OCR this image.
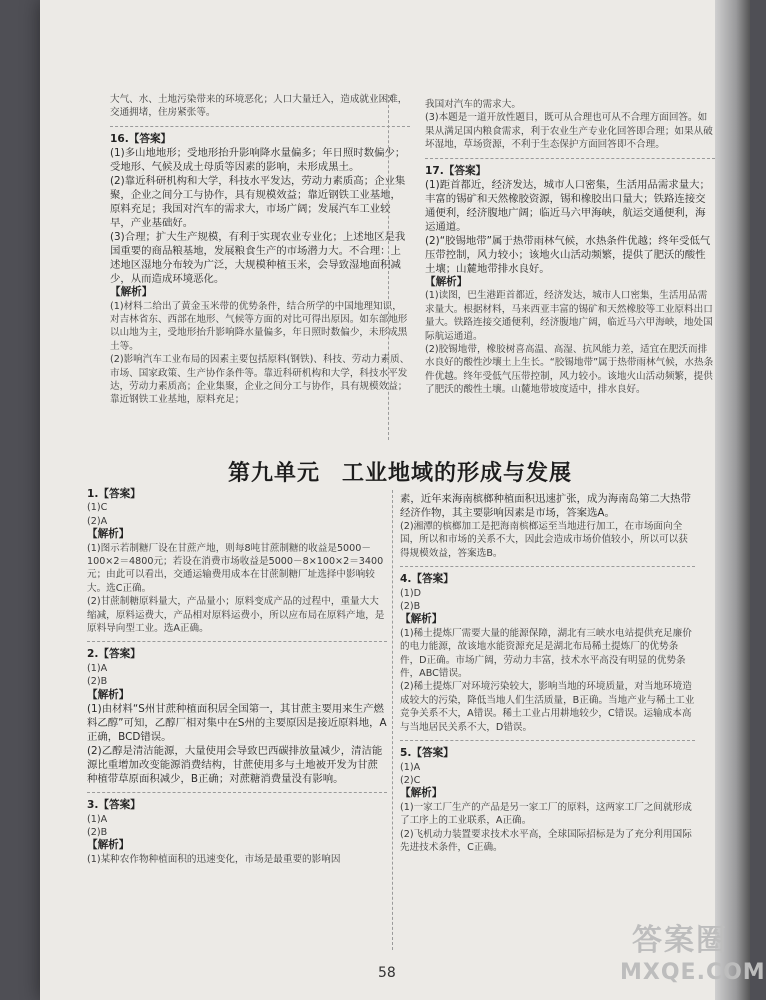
大气、水、土地污染带来的环境恶化；人口大量迁入，造成就业困难，交通拥堵，住房紧张等。

16.【答案】

(1)多山地地形；受地形抬升影响降水量偏多；年日照时数偏少；受地形、气候及成土母质等因素的影响，未形成黑土。

(2)靠近科研机构和大学，科技水平发达，劳动力素质高；企业集聚，企业之间分工与协作，具有规模效益；靠近钢铁工业基地，原料充足；我国对汽车的需求大，市场广阔；发展汽车工业较早，产业基础好。

(3)合理；扩大生产规模，有利于实现农业专业化；上述地区是我国重要的商品粮基地，发展粮食生产的市场潜力大。不合理：上述地区湿地分布较为广泛，大规模种植玉米，会导致湿地面积减少，从而造成环境恶化。

【解析】

(1)材料二给出了黄金玉米带的优势条件，结合所学的中国地理知识，对吉林省东、西部在地形、气候等方面的对比可得出原因。如东部地形以山地为主，受地形抬升影响降水量偏多，年日照时数偏少，未形成黑土等。

(2)影响汽车工业布局的因素主要包括原料(钢铁)、科技、劳动力素质、市场、国家政策、生产协作条件等。靠近科研机构和大学，科技水平发达，劳动力素质高；企业集聚，企业之间分工与协作，具有规模效益；靠近钢铁工业基地，原料充足；

我国对汽车的需求大。

(3)本题是一道开放性题目，既可从合理也可从不合理方面回答。如果从满足国内粮食需求，利于农业生产专业化回答即合理；如果从破坏湿地，草场资源，不利于生态保护方面回答即不合理。

17.【答案】

(1)距首都近，经济发达，城市人口密集，生活用品需求量大；丰富的锡矿和天然橡胶资源，锡和橡胶出口量大；铁路连接交通便利，经济腹地广阔；临近马六甲海峡，航运交通便利，海运通道。

(2)“胶锡地带”属于热带雨林气候，水热条件优越；终年受低气压带控制，风力较小；该地火山活动频繁，提供了肥沃的酸性土壤；山麓地带排水良好。

【解析】

(1)读图，巴生港距首都近，经济发达，城市人口密集，生活用品需求量大。根据材料，马来西亚丰富的锡矿和天然橡胶等工业原料出口量大。铁路连接交通便利，经济腹地广阔，临近马六甲海峡，地处国际航运通道。

(2)胶锡地带，橡胶树喜高温、高湿、抗风能力差，适宜在肥沃而排水良好的酸性沙壤土上生长。“胶锡地带”属于热带雨林气候，水热条件优越。终年受低气压带控制，风力较小。该地火山活动频繁，提供了肥沃的酸性土壤。山麓地带坡度适中，排水良好。

第九单元 工业地域的形成与发展

1.【答案】

(1)C

(2)A

【解析】

(1)图示若制糖厂设在甘蔗产地，则每8吨甘蔗制糖的收益是5000－100×2＝4800元；若设在消费市场收益是5000－8×100×2＝3400元；由此可以看出，交通运输费用成本在甘蔗制糖厂址选择中影响较大。选C正确。

(2)甘蔗制糖原料量大，产品量小；原料变成产品的过程中，重量大大缩减，原料运费大，产品相对原料运费小，所以应布局在原料产地，是原料导向型工业。选A正确。

2.【答案】

(1)A

(2)B

【解析】

(1)由材料“S州甘蔗种植面积居全国第一，其甘蔗主要用来生产燃料乙醇”可知，乙醇厂相对集中在S州的主要原因是接近原料地，A正确，BCD错误。

(2)乙醇是清洁能源，大量使用会导致巴西碳排放量减少，清洁能源比重增加改变能源消费结构，甘蔗使用多与土地被开发为甘蔗种植带草原面积减少，B正确；对蔗糖消费量没有影响。

3.【答案】

(1)A

(2)B

【解析】

(1)某种农作物种植面积的迅速变化，市场是最重要的影响因

素，近年来海南槟榔种植面积迅速扩张，成为海南岛第二大热带经济作物，其主要影响因素是市场，答案选A。

(2)湘潭的槟榔加工是把海南槟榔运至当地进行加工，在市场面向全国，所以和市场的关系不大，因此会造成市场价值较小，所以可以获得规模效益，答案选B。

4.【答案】

(1)D

(2)B

【解析】

(1)稀土提炼厂需要大量的能源保障，湖北有三峡水电站提供充足廉价的电力能源，故该地水能资源充足是湖北布局稀土提炼厂的优势条件，D正确。市场广阔，劳动力丰富，技术水平高没有明显的优势条件，ABC错误。

(2)稀土提炼厂对环境污染较大，影响当地的环境质量，对当地环境造成较大的污染，降低当地人们生活质量，B正确。当地产业与稀土工业竞争关系不大，A错误。稀土工业占用耕地较少，C错误。运输成本高与当地居民关系不大，D错误。

5.【答案】

(1)A

(2)C

【解析】

(1)一家工厂生产的产品是另一家工厂的原料，这两家工厂之间就形成了工序上的工业联系，A正确。

(2)飞机动力装置要求技术水平高，全球国际招标是为了充分利用国际先进技术条件，C正确。

58
答案圈
MXQE.COM
